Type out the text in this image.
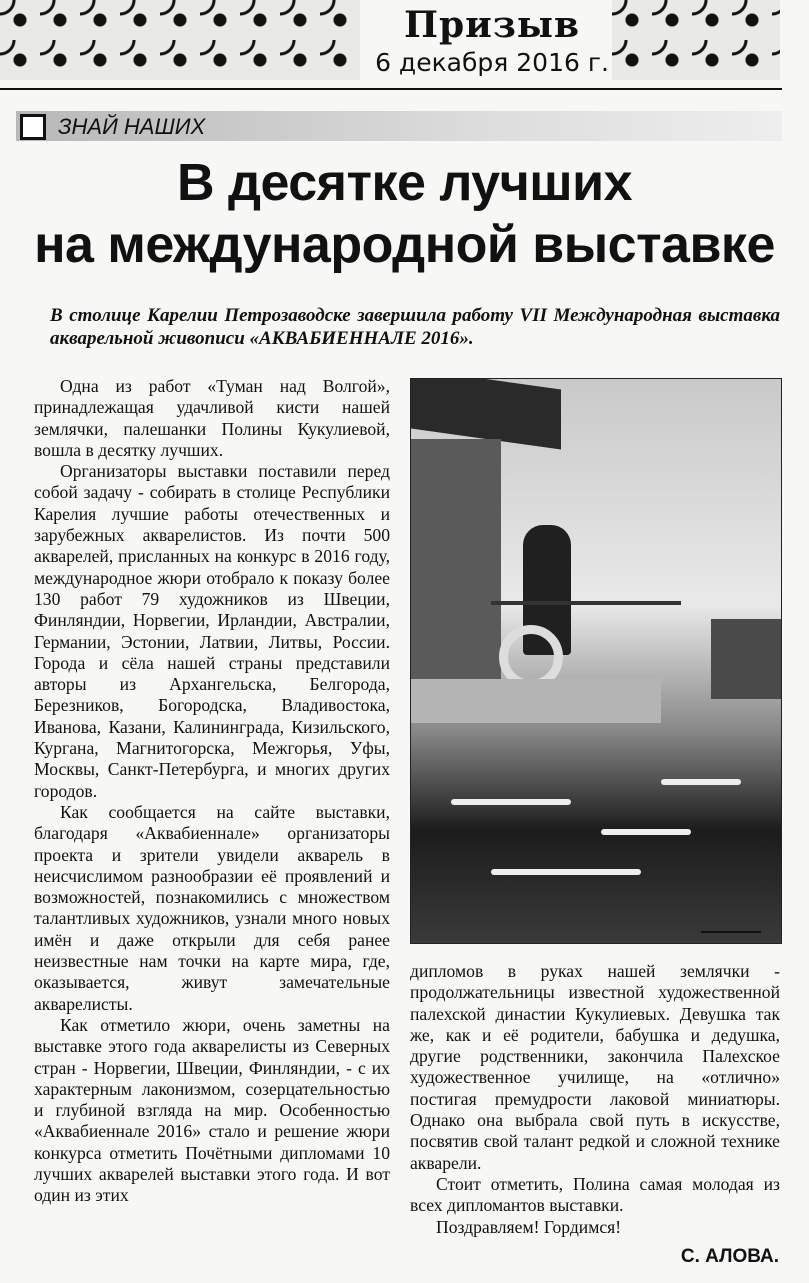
Призыв
6 декабря 2016 г.
ЗНАЙ НАШИХ
В десятке лучших
на международной выставке
В столице Карелии Петрозаводске завершила работу VII Международная выставка акварельной живописи «АКВАБИЕННАЛЕ 2016».

Одна из работ «Туман над Волгой», принадлежащая удачливой кисти нашей землячки, палешанки Полины Кукулиевой, вошла в десятку лучших.

Организаторы выставки поставили перед собой задачу - собирать в столице Республики Карелия лучшие работы отечественных и зарубежных акварелистов. Из почти 500 акварелей, присланных на конкурс в 2016 году, международное жюри отобрало к показу более 130 работ 79 художников из Швеции, Финляндии, Норвегии, Ирландии, Австралии, Германии, Эстонии, Латвии, Литвы, России. Города и сёла нашей страны представили авторы из Архангельска, Белгорода, Березников, Богородска, Владивостока, Иванова, Казани, Калининграда, Кизильского, Кургана, Магнитогорска, Межгорья, Уфы, Москвы, Санкт-Петербурга, и многих других городов.

Как сообщается на сайте выставки, благодаря «Аквабиеннале» организаторы проекта и зрители увидели акварель в неисчислимом разнообразии её проявлений и возможностей, познакомились с множеством талантливых художников, узнали много новых имён и даже открыли для себя ранее неизвестные нам точки на карте мира, где, оказывается, живут замечательные акварелисты.

Как отметило жюри, очень заметны на выставке этого года акварелисты из Северных стран - Норвегии, Швеции, Финляндии, - с их характерным лаконизмом, созерцательностью и глубиной взгляда на мир. Особенностью «Аквабиеннале 2016» стало и решение жюри конкурса отметить Почётными дипломами 10 лучших акварелей выставки этого года. И вот один из этих

дипломов в руках нашей землячки - продолжательницы известной художественной палехской династии Кукулиевых. Девушка так же, как и её родители, бабушка и дедушка, другие родственники, закончила Палехское художественное училище, на «отлично» постигая премудрости лаковой миниатюры. Однако она выбрала свой путь в искусстве, посвятив свой талант редкой и сложной технике акварели.

Стоит отметить, Полина самая молодая из всех дипломантов выставки.

Поздравляем! Гордимся!

С. АЛОВА.
